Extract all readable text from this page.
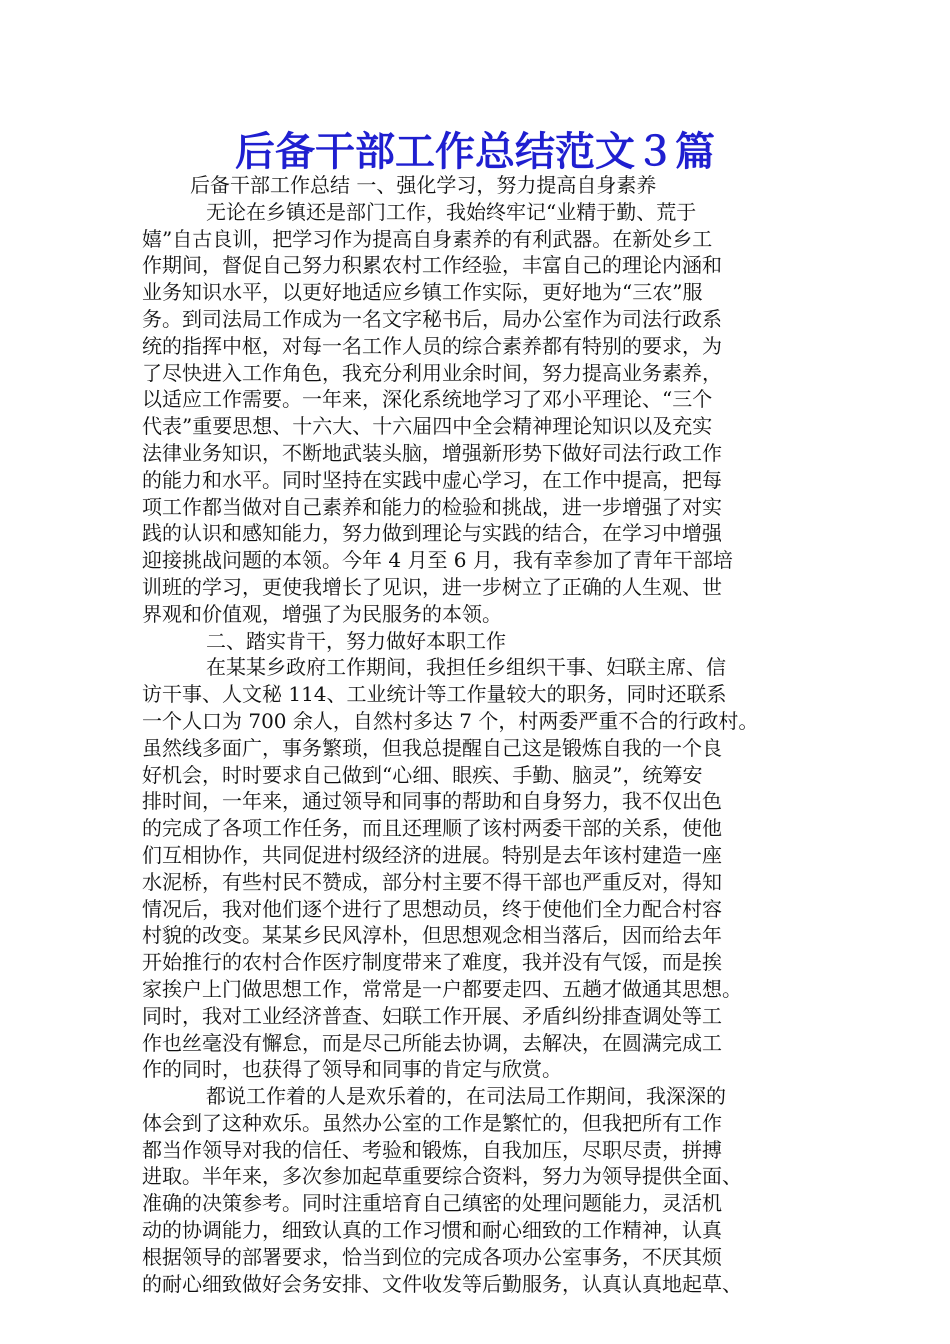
后备干部工作总结范文３篇
后备干部工作总结 一、强化学习，努力提高自身素养
无论在乡镇还是部门工作，我始终牢记“业精于勤、荒于
嬉”自古良训，把学习作为提高自身素养的有利武器。在新处乡工
作期间，督促自己努力积累农村工作经验，丰富自己的理论内涵和
业务知识水平，以更好地适应乡镇工作实际，更好地为“三农”服
务。到司法局工作成为一名文字秘书后，局办公室作为司法行政系
统的指挥中枢，对每一名工作人员的综合素养都有特别的要求，为
了尽快进入工作角色，我充分利用业余时间，努力提高业务素养，
以适应工作需要。一年来，深化系统地学习了邓小平理论、“三个
代表”重要思想、十六大、十六届四中全会精神理论知识以及充实
法律业务知识，不断地武装头脑，增强新形势下做好司法行政工作
的能力和水平。同时坚持在实践中虚心学习，在工作中提高，把每
项工作都当做对自己素养和能力的检验和挑战，进一步增强了对实
践的认识和感知能力，努力做到理论与实践的结合，在学习中增强
迎接挑战问题的本领。今年 4 月至 6 月，我有幸参加了青年干部培
训班的学习，更使我增长了见识，进一步树立了正确的人生观、世
界观和价值观，增强了为民服务的本领。
二、踏实肯干，努力做好本职工作
在某某乡政府工作期间，我担任乡组织干事、妇联主席、信
访干事、人文秘 114、工业统计等工作量较大的职务，同时还联系
一个人口为 700 余人，自然村多达 7 个，村两委严重不合的行政村。
虽然线多面广，事务繁琐，但我总提醒自己这是锻炼自我的一个良
好机会，时时要求自己做到“心细、眼疾、手勤、脑灵”，统筹安
排时间，一年来，通过领导和同事的帮助和自身努力，我不仅出色
的完成了各项工作任务，而且还理顺了该村两委干部的关系，使他
们互相协作，共同促进村级经济的进展。特别是去年该村建造一座
水泥桥，有些村民不赞成，部分村主要不得干部也严重反对，得知
情况后，我对他们逐个进行了思想动员，终于使他们全力配合村容
村貌的改变。某某乡民风淳朴，但思想观念相当落后，因而给去年
开始推行的农村合作医疗制度带来了难度，我并没有气馁，而是挨
家挨户上门做思想工作，常常是一户都要走四、五趟才做通其思想。
同时，我对工业经济普查、妇联工作开展、矛盾纠纷排查调处等工
作也丝毫没有懈怠，而是尽己所能去协调，去解决，在圆满完成工
作的同时，也获得了领导和同事的肯定与欣赏。
都说工作着的人是欢乐着的，在司法局工作期间，我深深的
体会到了这种欢乐。虽然办公室的工作是繁忙的，但我把所有工作
都当作领导对我的信任、考验和锻炼，自我加压，尽职尽责，拼搏
进取。半年来，多次参加起草重要综合资料，努力为领导提供全面、
准确的决策参考。同时注重培育自己缜密的处理问题能力，灵活机
动的协调能力，细致认真的工作习惯和耐心细致的工作精神，认真
根据领导的部署要求，恰当到位的完成各项办公室事务，不厌其烦
的耐心细致做好会务安排、文件收发等后勤服务，认真认真地起草、
